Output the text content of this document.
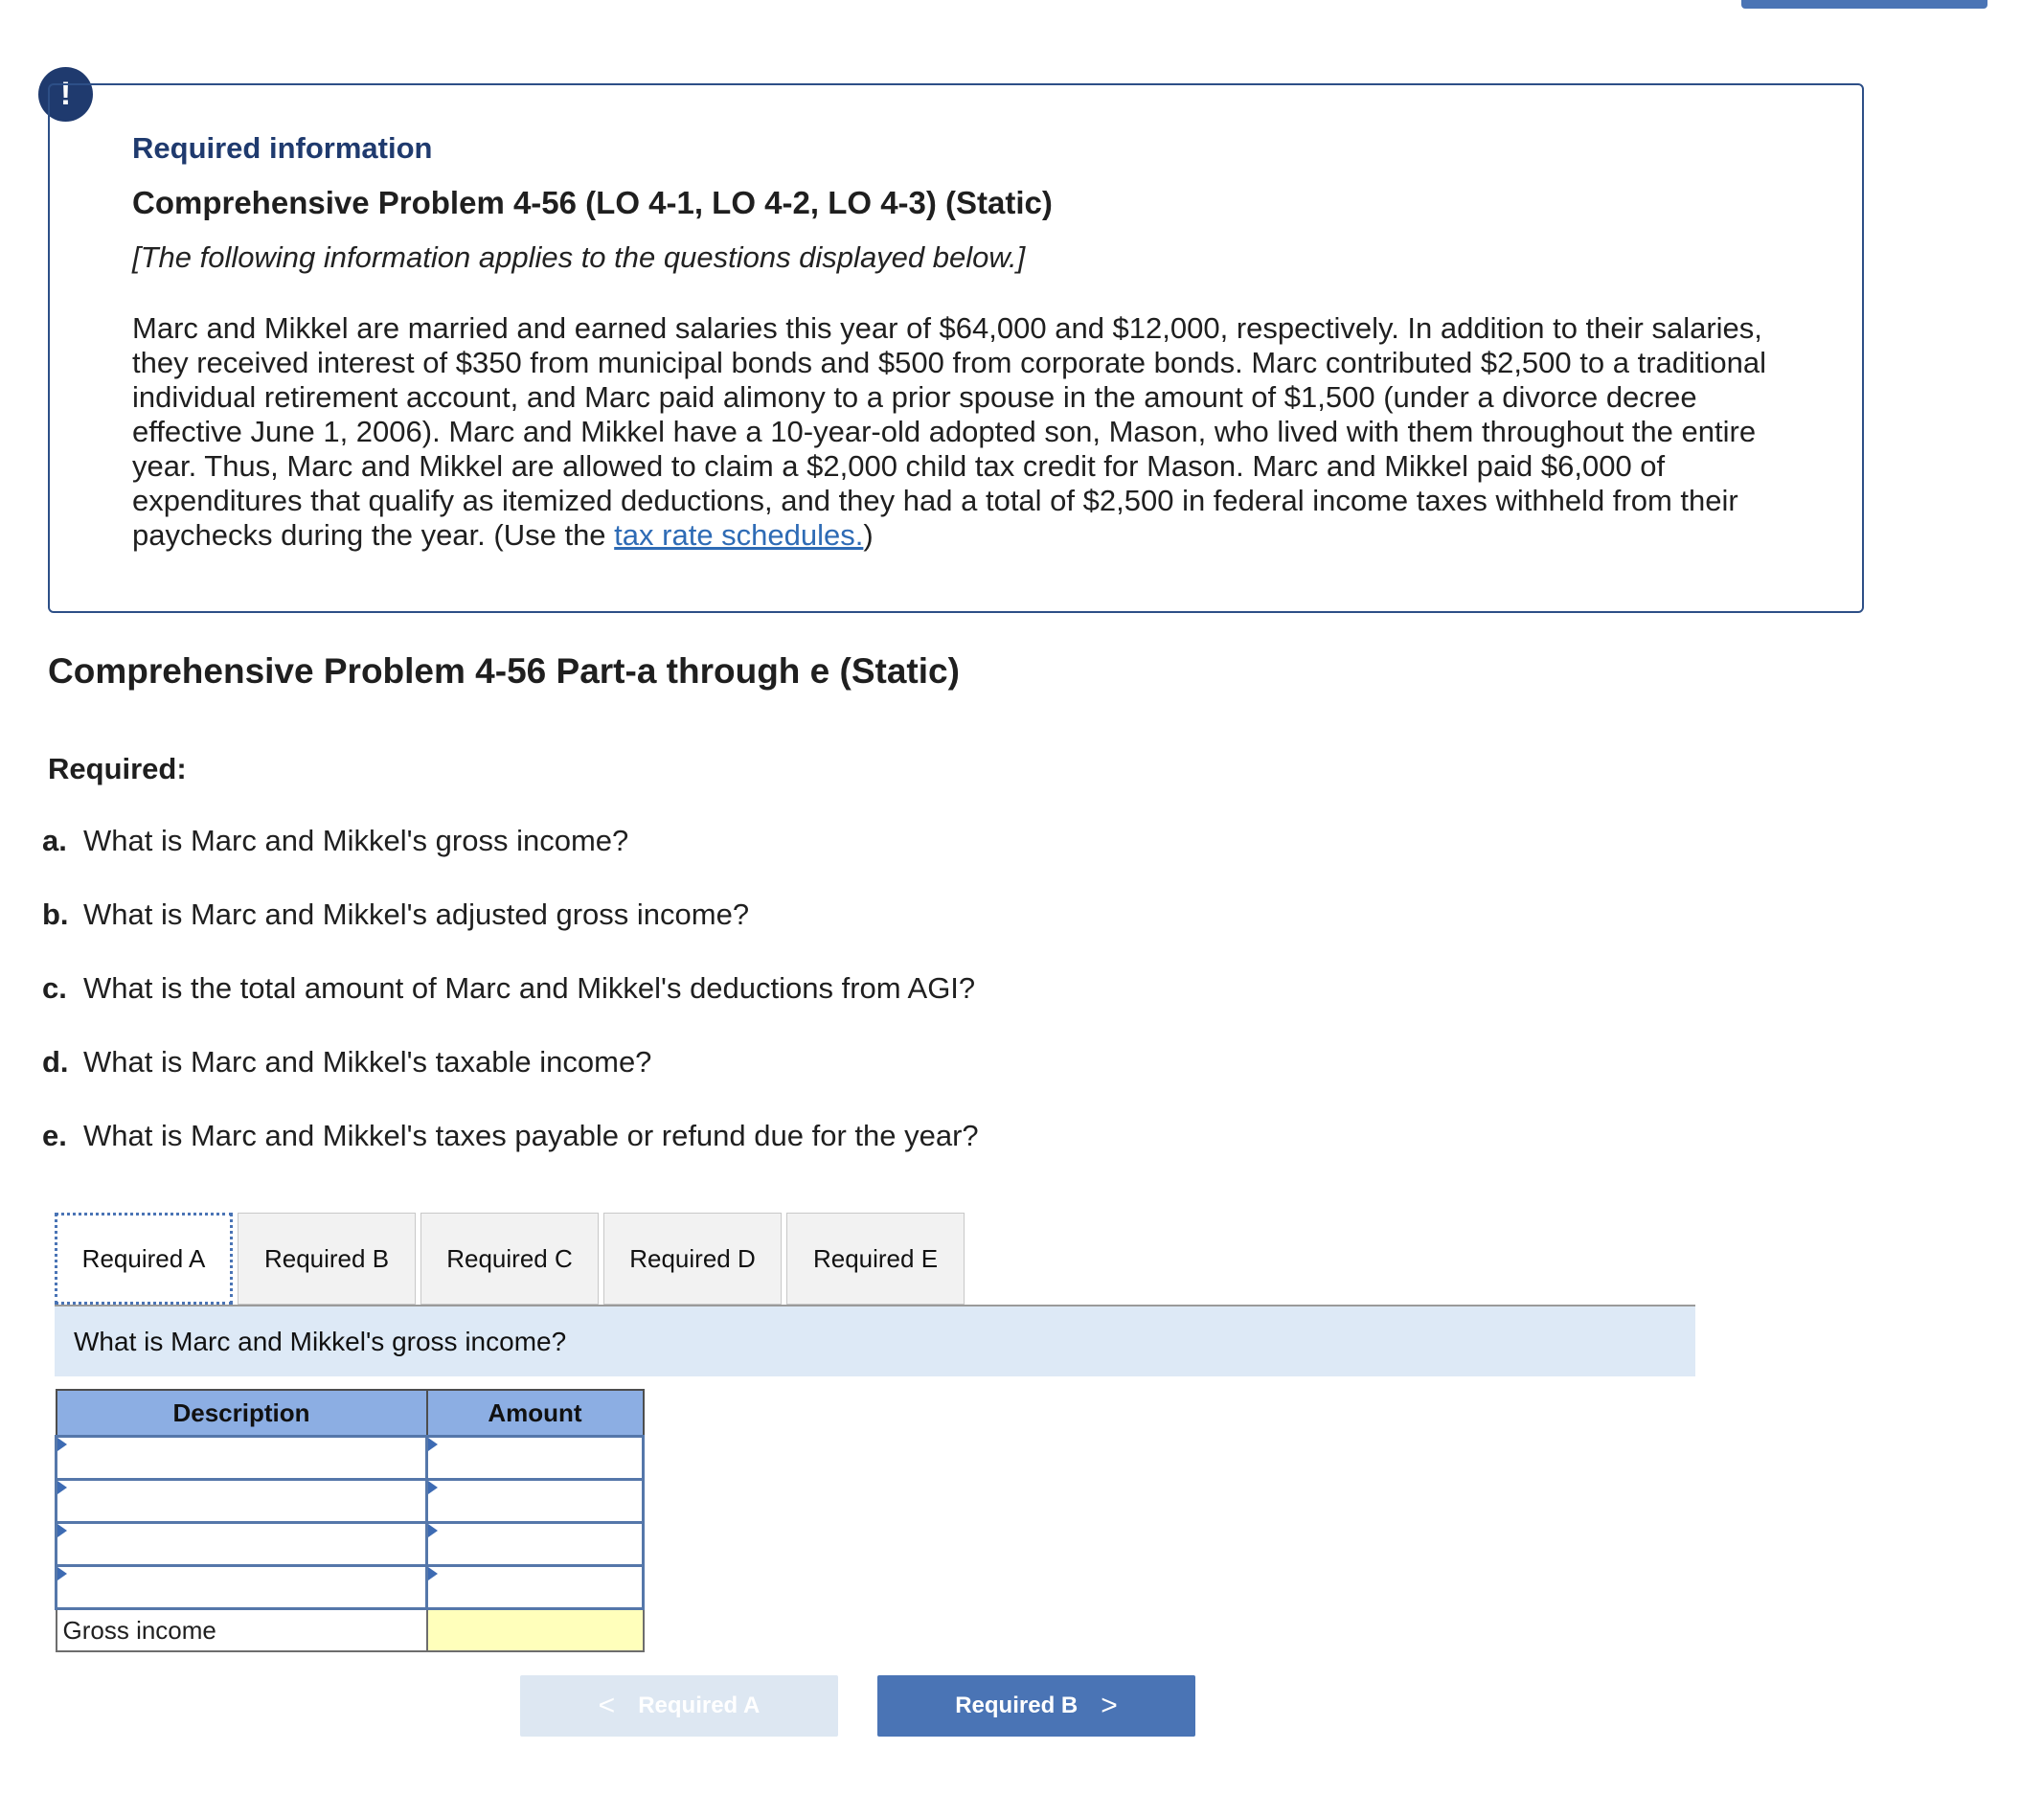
!

Required information

Comprehensive Problem 4-56 (LO 4-1, LO 4-2, LO 4-3) (Static)

[The following information applies to the questions displayed below.]

Marc and Mikkel are married and earned salaries this year of $64,000 and $12,000, respectively. In addition to their salaries, they received interest of $350 from municipal bonds and $500 from corporate bonds. Marc contributed $2,500 to a traditional individual retirement account, and Marc paid alimony to a prior spouse in the amount of $1,500 (under a divorce decree effective June 1, 2006). Marc and Mikkel have a 10-year-old adopted son, Mason, who lived with them throughout the entire year. Thus, Marc and Mikkel are allowed to claim a $2,000 child tax credit for Mason. Marc and Mikkel paid $6,000 of expenditures that qualify as itemized deductions, and they had a total of $2,500 in federal income taxes withheld from their paychecks during the year. (Use the tax rate schedules.)

Comprehensive Problem 4-56 Part-a through e (Static)

Required:

a. What is Marc and Mikkel's gross income?
b. What is Marc and Mikkel's adjusted gross income?
c. What is the total amount of Marc and Mikkel's deductions from AGI?
d. What is Marc and Mikkel's taxable income?
e. What is Marc and Mikkel's taxes payable or refund due for the year?
Required A	Required B	Required C	Required D	Required E
What is Marc and Mikkel's gross income?
Description	Amount

Gross income	
< Required A	Required B >
